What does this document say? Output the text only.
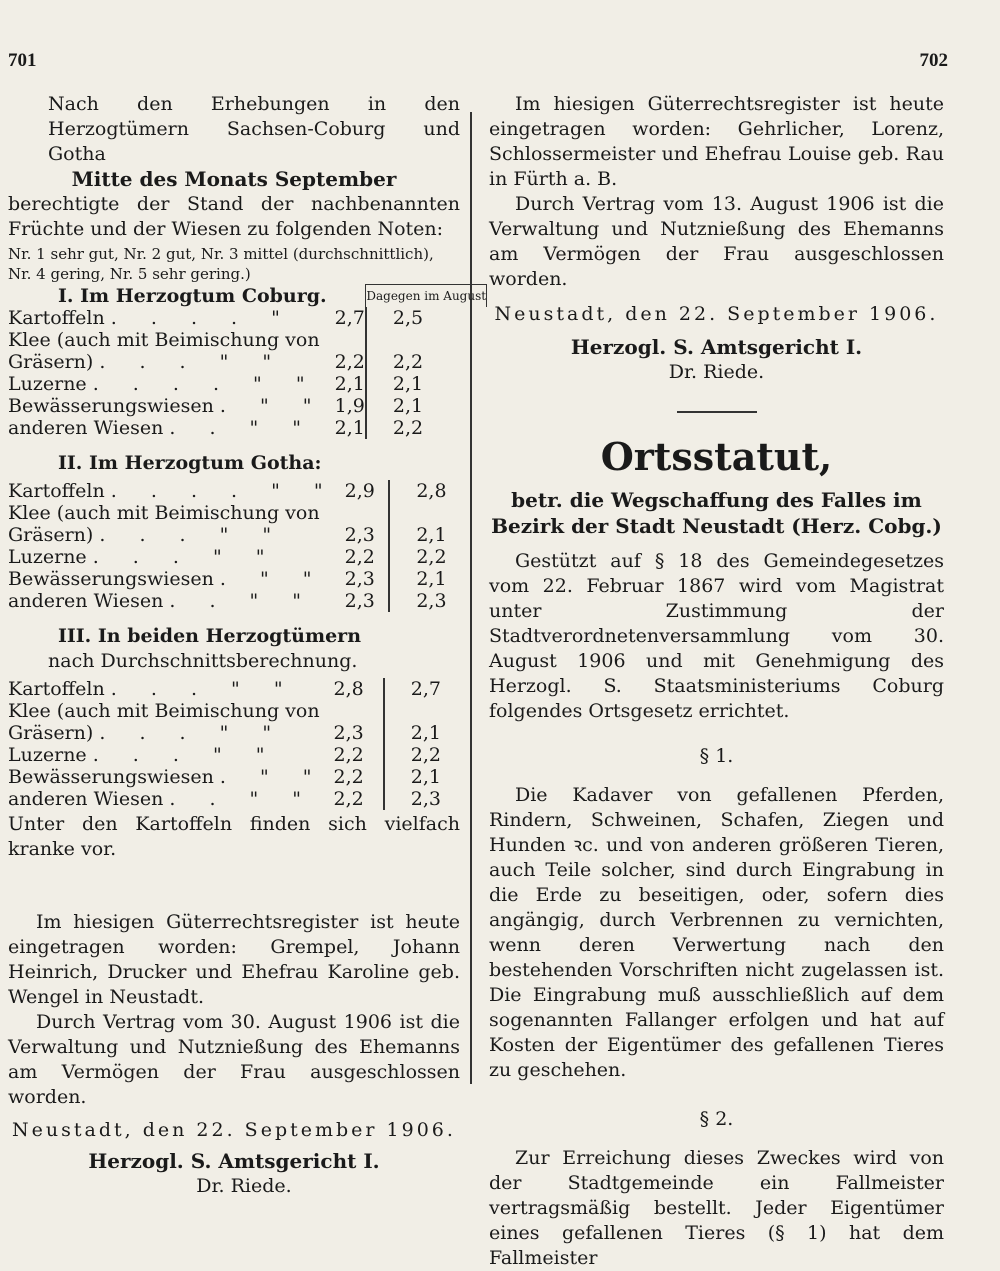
701	702

Nach den Erhebungen in den Herzogtümern Sachsen-Coburg und Gotha

Mitte des Monats September

berechtigte der Stand der nachbenannten Früchte und der Wiesen zu folgenden Noten:

Nr. 1 sehr gut, Nr. 2 gut, Nr. 3 mittel (durchschnittlich), Nr. 4 gering, Nr. 5 sehr gering.)

I. Im Herzogtum Coburg.		Dagegen im August
Kartoffeln . . . . "	2,7	2,5
Klee (auch mit Beimischung von		
Gräsern) . . . " "	2,2	2,2
Luzerne . . . . " "	2,1	2,1
Bewässerungswiesen . " "	1,9	2,1
anderen Wiesen . . " "	2,1	2,2
II. Im Herzogtum Gotha:
Kartoffeln . . . . " "	2,9	2,8
Klee (auch mit Beimischung von		
Gräsern) . . . " "	2,3	2,1
Luzerne . . . " "	2,2	2,2
Bewässerungswiesen . " "	2,3	2,1
anderen Wiesen . . " "	2,3	2,3
III. In beiden Herzogtümern
nach Durchschnittsberechnung.
Kartoffeln . . . " "	2,8	2,7
Klee (auch mit Beimischung von		
Gräsern) . . . " "	2,3	2,1
Luzerne . . . " "	2,2	2,2
Bewässerungswiesen . " "	2,2	2,1
anderen Wiesen . . " "	2,2	2,3

Unter den Kartoffeln finden sich vielfach kranke vor.

Im hiesigen Güterrechtsregister ist heute eingetragen worden: Grempel, Johann Heinrich, Drucker und Ehefrau Karoline geb. Wengel in Neustadt.

Durch Vertrag vom 30. August 1906 ist die Verwaltung und Nutznießung des Ehemanns am Vermögen der Frau ausgeschlossen worden.

Neustadt, den 22. September 1906.

Herzogl. S. Amtsgericht I.

Dr. Riede.

Im hiesigen Güterrechtsregister ist heute eingetragen worden: Gehrlicher, Lorenz, Schlossermeister und Ehefrau Louise geb. Rau in Fürth a. B.

Durch Vertrag vom 13. August 1906 ist die Verwaltung und Nutznießung des Ehemanns am Vermögen der Frau ausgeschlossen worden.

Neustadt, den 22. September 1906.

Herzogl. S. Amtsgericht I.

Dr. Riede.

Ortsstatut,
betr. die Wegschaffung des Falles im Bezirk der Stadt Neustadt (Herz. Cobg.)

Gestützt auf § 18 des Gemeindegesetzes vom 22. Februar 1867 wird vom Magistrat unter Zustimmung der Stadtverordnetenversammlung vom 30. August 1906 und mit Genehmigung des Herzogl. S. Staatsministeriums Coburg folgendes Ortsgesetz errichtet.

§ 1.

Die Kadaver von gefallenen Pferden, Rindern, Schweinen, Schafen, Ziegen und Hunden ꝛc. und von anderen größeren Tieren, auch Teile solcher, sind durch Eingrabung in die Erde zu beseitigen, oder, sofern dies angängig, durch Verbrennen zu vernichten, wenn deren Verwertung nach den bestehenden Vorschriften nicht zugelassen ist. Die Eingrabung muß ausschließlich auf dem sogenannten Fallanger erfolgen und hat auf Kosten der Eigentümer des gefallenen Tieres zu geschehen.

§ 2.

Zur Erreichung dieses Zweckes wird von der Stadtgemeinde ein Fallmeister vertragsmäßig bestellt. Jeder Eigentümer eines gefallenen Tieres (§ 1) hat dem Fallmeister
